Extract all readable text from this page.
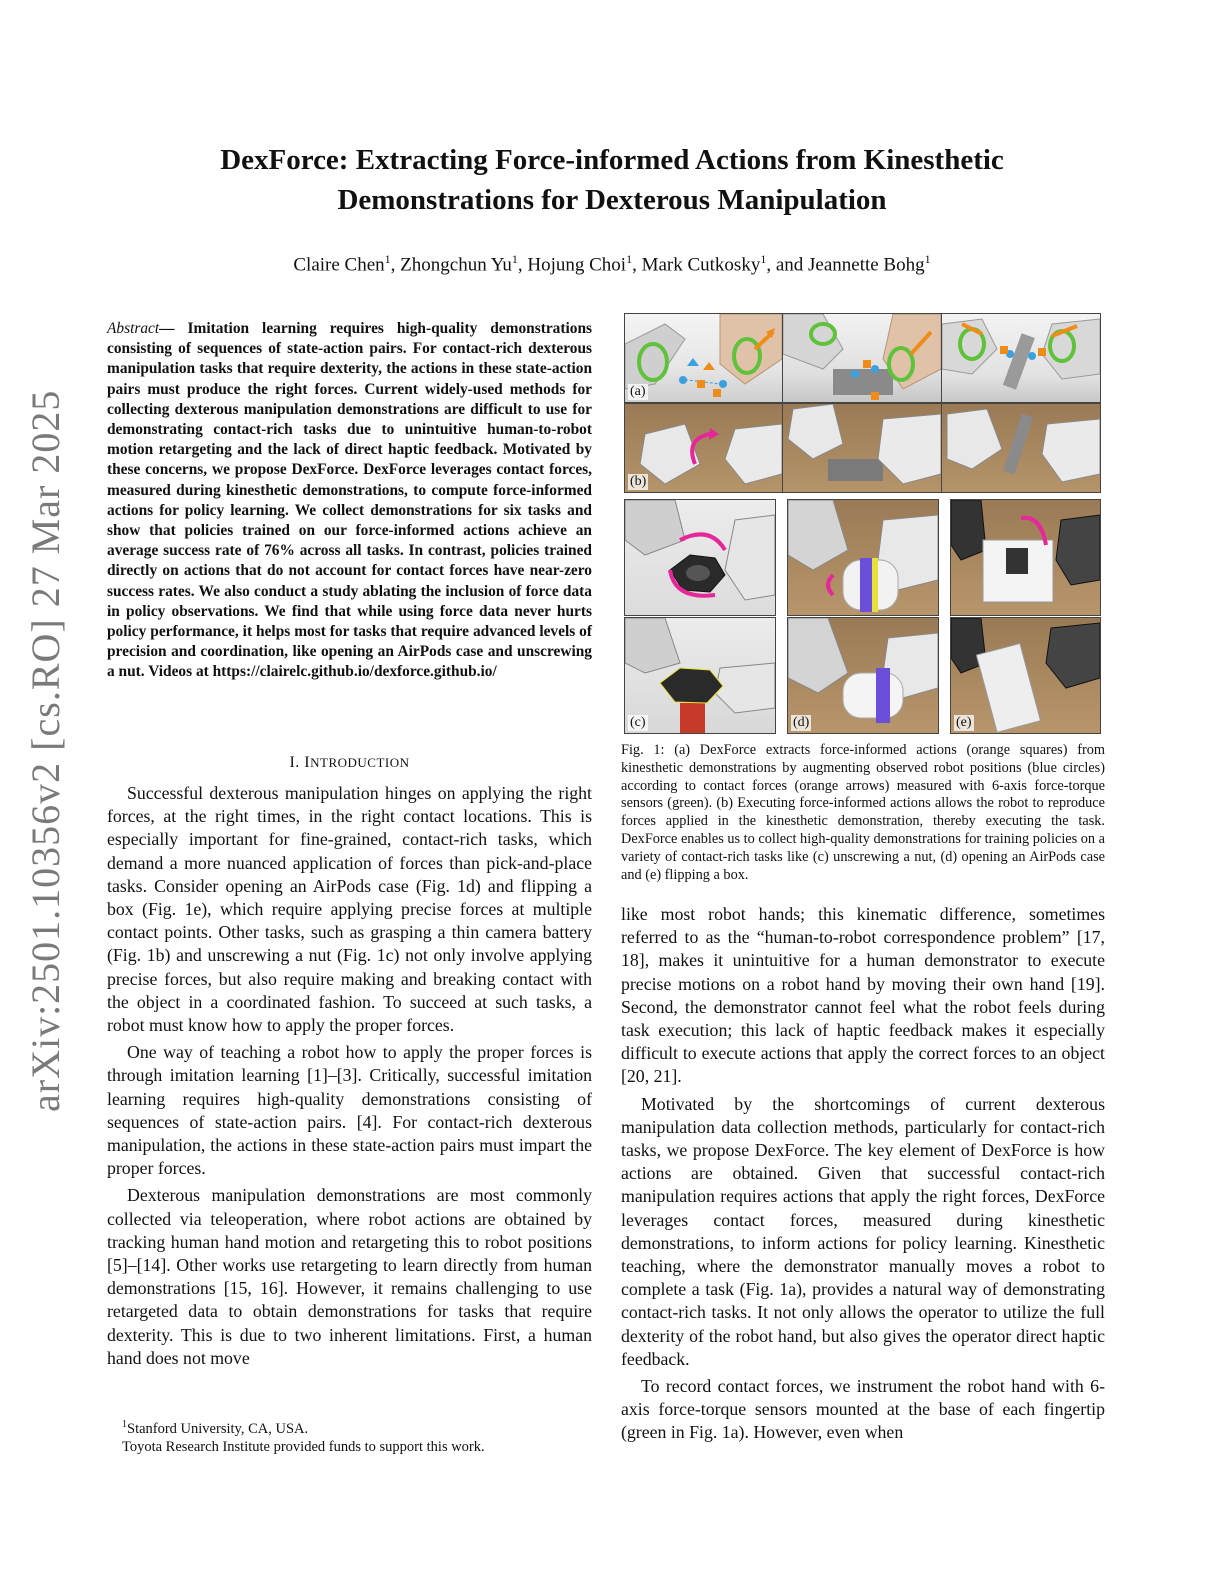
arXiv:2501.10356v2 [cs.RO] 27 Mar 2025
DexForce: Extracting Force-informed Actions from Kinesthetic
Demonstrations for Dexterous Manipulation
Claire Chen$^1$, Zhongchun Yu$^1$, Hojung Choi$^1$, Mark Cutkosky$^1$, and Jeannette Bohg$^1$
Abstract— Imitation learning requires high-quality demonstrations consisting of sequences of state-action pairs. For contact-rich dexterous manipulation tasks that require dexterity, the actions in these state-action pairs must produce the right forces. Current widely-used methods for collecting dexterous manipulation demonstrations are difficult to use for demonstrating contact-rich tasks due to unintuitive human-to-robot motion retargeting and the lack of direct haptic feedback. Motivated by these concerns, we propose DexForce. DexForce leverages contact forces, measured during kinesthetic demonstrations, to compute force-informed actions for policy learning. We collect demonstrations for six tasks and show that policies trained on our force-informed actions achieve an average success rate of 76% across all tasks. In contrast, policies trained directly on actions that do not account for contact forces have near-zero success rates. We also conduct a study ablating the inclusion of force data in policy observations. We find that while using force data never hurts policy performance, it helps most for tasks that require advanced levels of precision and coordination, like opening an AirPods case and unscrewing a nut. Videos at https://clairelc.github.io/dexforce.github.io/
I. INTRODUCTION

Successful dexterous manipulation hinges on applying the right forces, at the right times, in the right contact locations. This is especially important for fine-grained, contact-rich tasks, which demand a more nuanced application of forces than pick-and-place tasks. Consider opening an AirPods case (Fig. 1d) and flipping a box (Fig. 1e), which require applying precise forces at multiple contact points. Other tasks, such as grasping a thin camera battery (Fig. 1b) and unscrewing a nut (Fig. 1c) not only involve applying precise forces, but also require making and breaking contact with the object in a coordinated fashion. To succeed at such tasks, a robot must know how to apply the proper forces.

One way of teaching a robot how to apply the proper forces is through imitation learning [1]–[3]. Critically, successful imitation learning requires high-quality demonstrations consisting of sequences of state-action pairs. [4]. For contact-rich dexterous manipulation, the actions in these state-action pairs must impart the proper forces.

Dexterous manipulation demonstrations are most commonly collected via teleoperation, where robot actions are obtained by tracking human hand motion and retargeting this to robot positions [5]–[14]. Other works use retargeting to learn directly from human demonstrations [15, 16]. However, it remains challenging to use retargeted data to obtain demonstrations for tasks that require dexterity. This is due to two inherent limitations. First, a human hand does not move

$^1$Stanford University, CA, USA.
Toyota Research Institute provided funds to support this work.
(a)
(b)
(c)	(d)	(e)
Fig. 1: (a) DexForce extracts force-informed actions (orange squares) from kinesthetic demonstrations by augmenting observed robot positions (blue circles) according to contact forces (orange arrows) measured with 6-axis force-torque sensors (green). (b) Executing force-informed actions allows the robot to reproduce forces applied in the kinesthetic demonstration, thereby executing the task. DexForce enables us to collect high-quality demonstrations for training policies on a variety of contact-rich tasks like (c) unscrewing a nut, (d) opening an AirPods case and (e) flipping a box.

like most robot hands; this kinematic difference, sometimes referred to as the “human-to-robot correspondence problem” [17, 18], makes it unintuitive for a human demonstrator to execute precise motions on a robot hand by moving their own hand [19]. Second, the demonstrator cannot feel what the robot feels during task execution; this lack of haptic feedback makes it especially difficult to execute actions that apply the correct forces to an object [20, 21].

Motivated by the shortcomings of current dexterous manipulation data collection methods, particularly for contact-rich tasks, we propose DexForce. The key element of DexForce is how actions are obtained. Given that successful contact-rich manipulation requires actions that apply the right forces, DexForce leverages contact forces, measured during kinesthetic demonstrations, to inform actions for policy learning. Kinesthetic teaching, where the demonstrator manually moves a robot to complete a task (Fig. 1a), provides a natural way of demonstrating contact-rich tasks. It not only allows the operator to utilize the full dexterity of the robot hand, but also gives the operator direct haptic feedback.

To record contact forces, we instrument the robot hand with 6-axis force-torque sensors mounted at the base of each fingertip (green in Fig. 1a). However, even when
